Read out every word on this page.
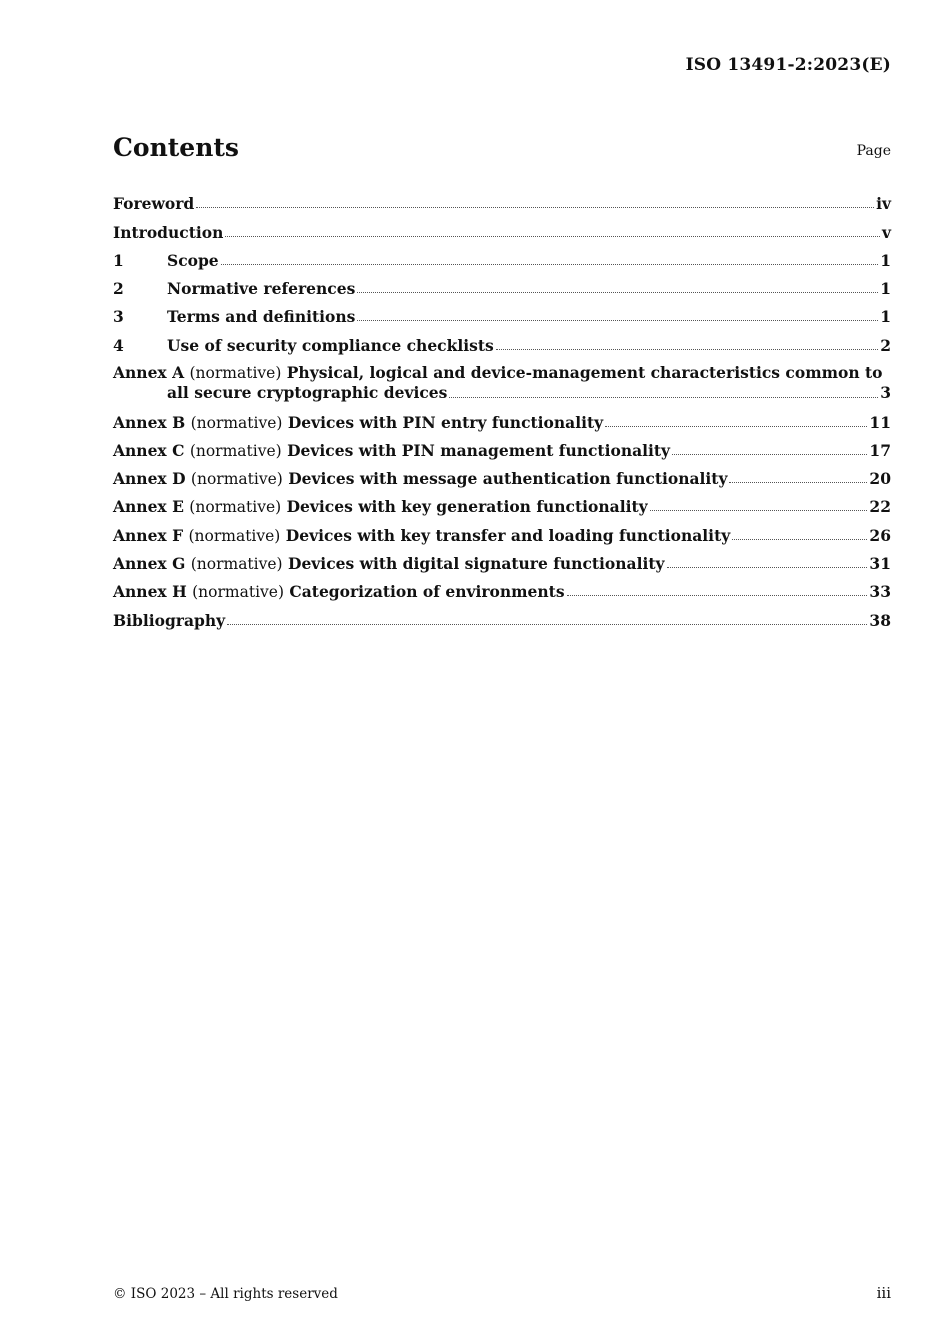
ISO 13491-2:2023(E)
Contents	Page
Foreword	iv
Introduction	v
1	Scope	1
2	Normative references	1
3	Terms and definitions	1
4	Use of security compliance checklists	2
Annex A (normative) Physical, logical and device-management characteristics common to
all secure cryptographic devices	3
Annex B (normative) Devices with PIN entry functionality	11
Annex C (normative) Devices with PIN management functionality	17
Annex D (normative) Devices with message authentication functionality	20
Annex E (normative) Devices with key generation functionality	22
Annex F (normative) Devices with key transfer and loading functionality	26
Annex G (normative) Devices with digital signature functionality	31
Annex H (normative) Categorization of environments	33
Bibliography	38
© ISO 2023 – All rights reserved	iii
